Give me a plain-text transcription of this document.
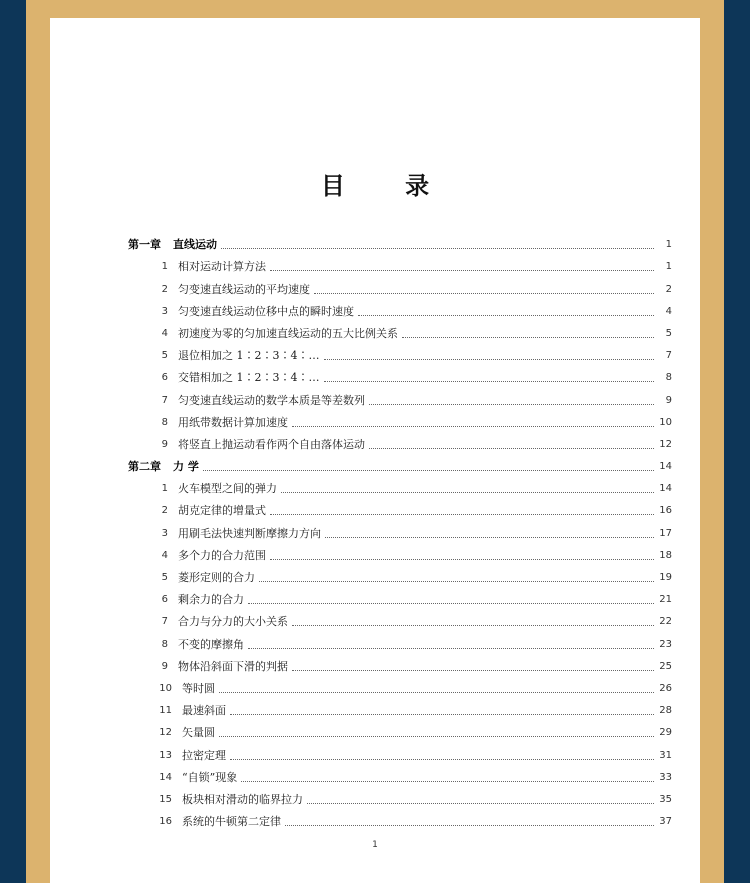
目 录
第一章	直线运动	1
1 相对运动计算方法	1
2 匀变速直线运动的平均速度	2
3 匀变速直线运动位移中点的瞬时速度	4
4 初速度为零的匀加速直线运动的五大比例关系	5
5 退位相加之 1∶2∶3∶4∶…	7
6 交错相加之 1∶2∶3∶4∶…	8
7 匀变速直线运动的数学本质是等差数列	9
8 用纸带数据计算加速度	10
9 将竖直上抛运动看作两个自由落体运动	12
第二章	力 学	14
1 火车模型之间的弹力	14
2 胡克定律的增量式	16
3 用刷毛法快速判断摩擦力方向	17
4 多个力的合力范围	18
5 菱形定则的合力	19
6 剩余力的合力	21
7 合力与分力的大小关系	22
8 不变的摩擦角	23
9 物体沿斜面下滑的判据	25
10 等时圆	26
11 最速斜面	28
12 矢量圆	29
13 拉密定理	31
14 “自锁”现象	33
15 板块相对滑动的临界拉力	35
16 系统的牛顿第二定律	37
1
